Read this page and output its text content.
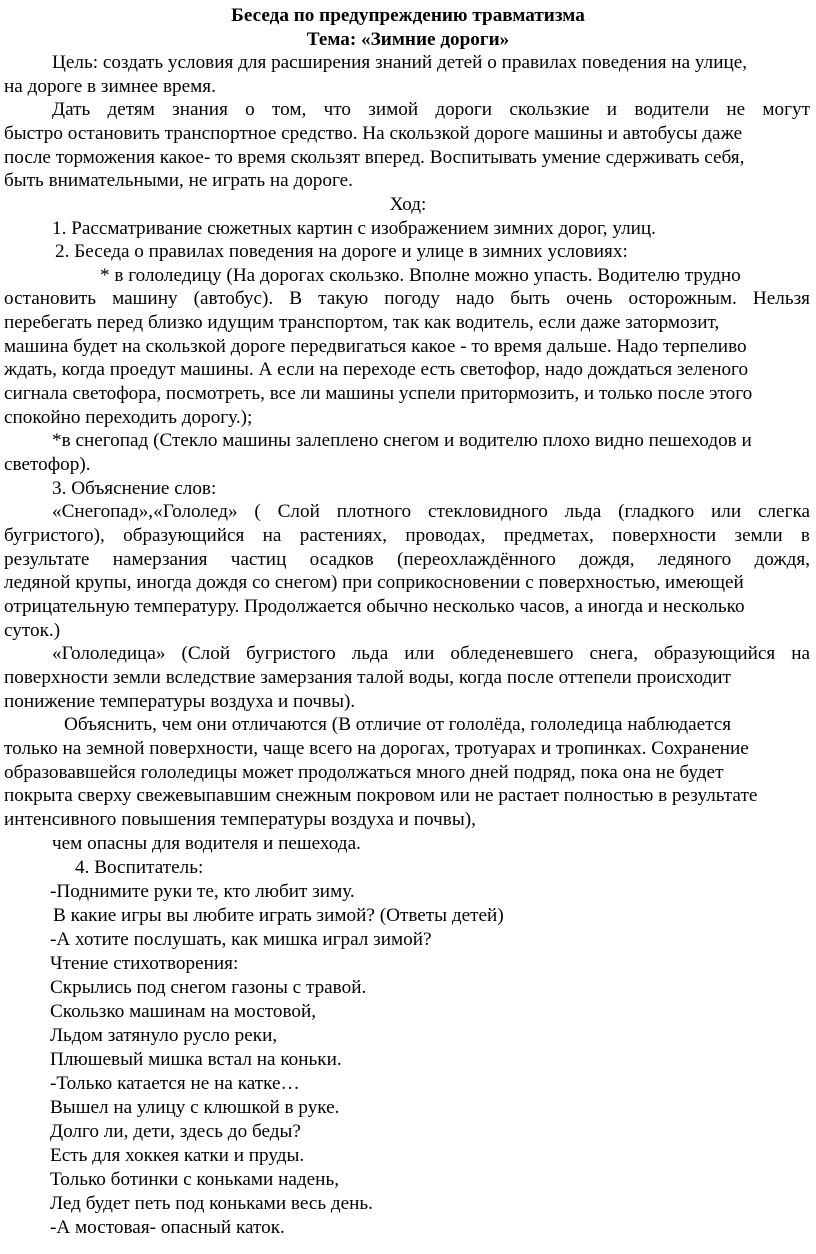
Беседа по предупреждению травматизма
Тема: «Зимние дороги»
Цель: создать условия для расширения знаний детей о правилах поведения на улице,
на дороге в зимнее время.
Дать детям знания о том, что зимой дороги скользкие и водители не могут
быстро остановить транспортное средство. На скользкой дороге машины и автобусы даже
после торможения какое- то время скользят вперед. Воспитывать умение сдерживать себя,
быть внимательными, не играть на дороге.
Ход:
1. Рассматривание сюжетных картин с изображением зимних дорог, улиц.
2. Беседа о правилах поведения на дороге и улице в зимних условиях:
* в гололедицу (На дорогах скользко. Вполне можно упасть. Водителю трудно
остановить машину (автобус). В такую погоду надо быть очень осторожным. Нельзя
перебегать перед близко идущим транспортом, так как водитель, если даже затормозит,
машина будет на скользкой дороге передвигаться какое - то время дальше. Надо терпеливо
ждать, когда проедут машины. А если на переходе есть светофор, надо дождаться зеленого
сигнала светофора, посмотреть, все ли машины успели притормозить, и только после этого
спокойно переходить дорогу.);
*в снегопад (Стекло машины залеплено снегом и водителю плохо видно пешеходов и
светофор).
3. Объяснение слов:
«Снегопад»,«Гололед» ( Слой плотного стекловидного льда (гладкого или слегка
бугристого), образующийся на растениях, проводах, предметах, поверхности земли в
результате намерзания частиц осадков (переохлаждённого дождя, ледяного дождя,
ледяной крупы, иногда дождя со снегом) при соприкосновении с поверхностью, имеющей
отрицательную температуру. Продолжается обычно несколько часов, а иногда и несколько
суток.)
«Гололедица» (Слой бугристого льда или обледеневшего снега, образующийся на
поверхности земли вследствие замерзания талой воды, когда после оттепели происходит
понижение температуры воздуха и почвы).
Объяснить, чем они отличаются (В отличие от гололёда, гололедица наблюдается
только на земной поверхности, чаще всего на дорогах, тротуарах и тропинках. Сохранение
образовавшейся гололедицы может продолжаться много дней подряд, пока она не будет
покрыта сверху свежевыпавшим снежным покровом или не растает полностью в результате
интенсивного повышения температуры воздуха и почвы),
чем опасны для водителя и пешехода.
4. Воспитатель:
-Поднимите руки те, кто любит зиму.
В какие игры вы любите играть зимой? (Ответы детей)
-А хотите послушать, как мишка играл зимой?
Чтение стихотворения:
Скрылись под снегом газоны с травой.
Скользко машинам на мостовой,
Льдом затянуло русло реки,
Плюшевый мишка встал на коньки.
-Только катается не на катке…
Вышел на улицу с клюшкой в руке.
Долго ли, дети, здесь до беды?
Есть для хоккея катки и пруды.
Только ботинки с коньками надень,
Лед будет петь под коньками весь день.
-А мостовая- опасный каток.
